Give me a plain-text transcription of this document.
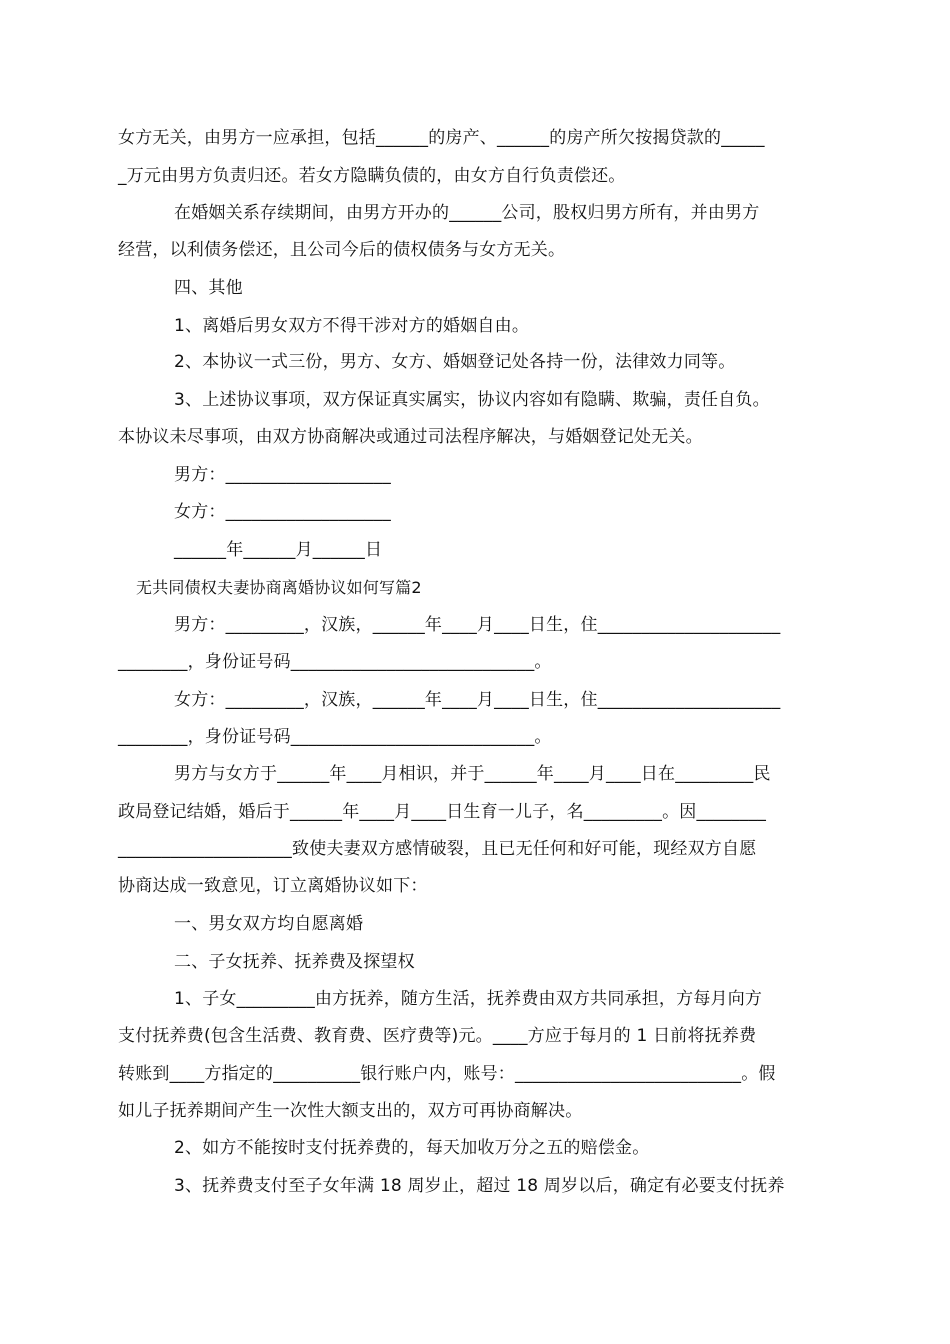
女方无关，由男方一应承担，包括______的房产、______的房产所欠按揭贷款的_____
_万元由男方负责归还。若女方隐瞒负债的，由女方自行负责偿还。
在婚姻关系存续期间，由男方开办的______公司，股权归男方所有，并由男方
经营，以利债务偿还，且公司今后的债权债务与女方无关。
四、其他
1、离婚后男女双方不得干涉对方的婚姻自由。
2、本协议一式三份，男方、女方、婚姻登记处各持一份，法律效力同等。
3、上述协议事项，双方保证真实属实，协议内容如有隐瞒、欺骗，责任自负。
本协议未尽事项，由双方协商解决或通过司法程序解决，与婚姻登记处无关。
男方：___________________
女方：___________________
______年______月______日
无共同债权夫妻协商离婚协议如何写篇2
男方：_________，汉族，______年____月____日生，住_____________________
________，身份证号码____________________________。
女方：_________，汉族，______年____月____日生，住_____________________
________，身份证号码____________________________。
男方与女方于______年____月相识，并于______年____月____日在_________民
政局登记结婚，婚后于______年____月____日生育一儿子，名_________。因________
____________________致使夫妻双方感情破裂，且已无任何和好可能，现经双方自愿
协商达成一致意见，订立离婚协议如下：
一、男女双方均自愿离婚
二、子女抚养、抚养费及探望权
1、子女_________由方抚养，随方生活，抚养费由双方共同承担，方每月向方
支付抚养费(包含生活费、教育费、医疗费等)元。____方应于每月的 1 日前将抚养费
转账到____方指定的__________银行账户内，账号：__________________________。假
如儿子抚养期间产生一次性大额支出的，双方可再协商解决。
2、如方不能按时支付抚养费的，每天加收万分之五的赔偿金。
3、抚养费支付至子女年满 18 周岁止，超过 18 周岁以后，确定有必要支付抚养
